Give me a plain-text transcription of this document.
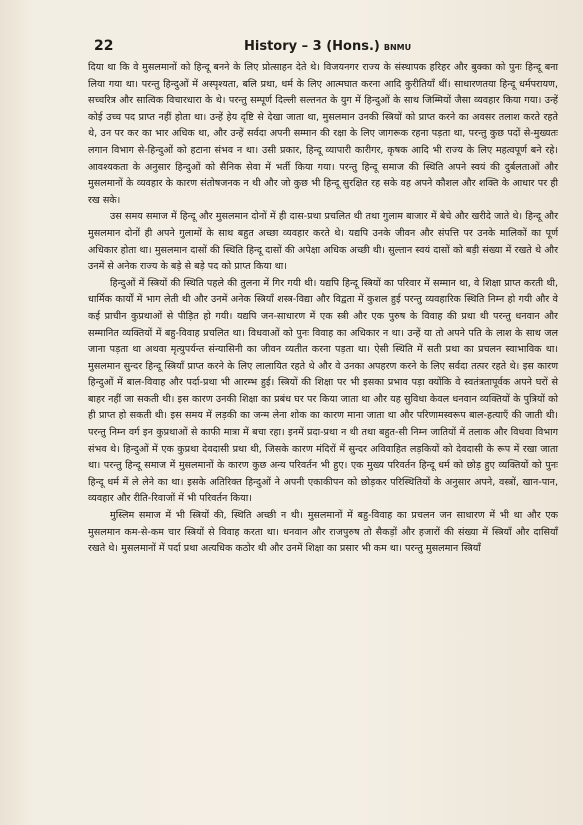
22	History – 3 (Hons.) BNMU

दिया था कि वे मुसलमानों को हिन्दू बनने के लिए प्रोत्साहन देते थे। विजयनगर राज्य के संस्थापक हरिहर और बुक्का को पुनः हिन्दू बना लिया गया था। परन्तु हिन्दुओं में अस्पृश्यता, बलि प्रथा, धर्म के लिए आत्मघात करना आदि कुरीतियाँ थीं। साधारणतया हिन्दू धर्मपरायण, सच्चरित्र और सात्विक विचारधारा के थे। परन्तु सम्पूर्ण दिल्ली सल्तनत के युग में हिन्दुओं के साथ जिम्मियों जैसा व्यवहार किया गया। उन्हें कोई उच्च पद प्राप्त नहीं होता था। उन्हें हेय दृष्टि से देखा जाता था, मुसलमान उनकी स्त्रियों को प्राप्त करने का अवसर तलाश करते रहते थे, उन पर कर का भार अधिक था, और उन्हें सर्वदा अपनी सम्मान की रक्षा के लिए जागरूक रहना पड़ता था, परन्तु कुछ पदों से-मुख्यतः लगान विभाग से-हिन्दुओं को हटाना संभव न था। उसी प्रकार, हिन्दू व्यापारी कारीगर, कृषक आदि भी राज्य के लिए महत्वपूर्ण बने रहे। आवश्यकता के अनुसार हिन्दुओं को सैनिक सेवा में भर्ती किया गया। परन्तु हिन्दू समाज की स्थिति अपने स्वयं की दुर्बलताओं और मुसलमानों के व्यवहार के कारण संतोषजनक न थी और जो कुछ भी हिन्दू सुरक्षित रह सके वह अपने कौशल और शक्ति के आधार पर ही रख सके।

उस समय समाज में हिन्दू और मुसलमान दोनों में ही दास-प्रथा प्रचलित थी तथा गुलाम बाजार में बेचे और खरीदे जाते थे। हिन्दू और मुसलमान दोनों ही अपने गुलामों के साथ बहुत अच्छा व्यवहार करते थे। यद्यपि उनके जीवन और संपत्ति पर उनके मालिकों का पूर्ण अधिकार होता था। मुसलमान दासों की स्थिति हिन्दू दासों की अपेक्षा अधिक अच्छी थी। सुल्तान स्वयं दासों को बड़ी संख्या में रखते थे और उनमें से अनेक राज्य के बड़े से बड़े पद को प्राप्त किया था।

हिन्दुओं में स्त्रियों की स्थिति पहले की तुलना में गिर गयी थी। यद्यपि हिन्दू स्त्रियों का परिवार में सम्मान था, वे शिक्षा प्राप्त करती थी, धार्मिक कार्यों में भाग लेती थी और उनमें अनेक स्त्रियाँ शस्त्र-विद्या और विद्वता में कुशल हुई परन्तु व्यवहारिक स्थिति निम्न हो गयी और वे कई प्राचीन कुप्रथाओं से पीड़ित हो गयी। यद्यपि जन-साधारण में एक स्त्री और एक पुरुष के विवाह की प्रथा थी परन्तु धनवान और सम्मानित व्यक्तियों में बहु-विवाह प्रचलित था। विधवाओं को पुनः विवाह का अधिकार न था। उन्हें या तो अपने पति के लाश के साथ जल जाना पड़ता था अथवा मृत्युपर्यन्त संन्यासिनी का जीवन व्यतीत करना पड़ता था। ऐसी स्थिति में सती प्रथा का प्रचलन स्वाभाविक था। मुसलमान सुन्दर हिन्दू स्त्रियाँ प्राप्त करने के लिए लालायित रहते थे और वे उनका अपहरण करने के लिए सर्वदा तत्पर रहते थे। इस कारण हिन्दुओं में बाल-विवाह और पर्दा-प्रथा भी आरम्भ हुई। स्त्रियों की शिक्षा पर भी इसका प्रभाव पड़ा क्योंकि वे स्वतंत्रतापूर्वक अपने घरों से बाहर नहीं जा सकती थी। इस कारण उनकी शिक्षा का प्रबंध घर पर किया जाता था और यह सुविधा केवल धनवान व्यक्तियों के पुत्रियों को ही प्राप्त हो सकती थी। इस समय में लड़की का जन्म लेना शोक का कारण माना जाता था और परिणामस्वरूप बाल-हत्याएँ की जाती थी। परन्तु निम्न वर्ग इन कुप्रथाओं से काफी मात्रा में बचा रहा। इनमें प्रदा-प्रथा न थी तथा बहुत-सी निम्न जातियों में तलाक और विधवा विभाग संभव थे। हिन्दुओं में एक कुप्रथा देवदासी प्रथा थी, जिसके कारण मंदिरों में सुन्दर अविवाहित लड़कियों को देवदासी के रूप में रखा जाता था। परन्तु हिन्दू समाज में मुसलमानों के कारण कुछ अन्य परिवर्तन भी हुए। एक मुख्य परिवर्तन हिन्दू धर्म को छोड़ हुए व्यक्तियों को पुनः हिन्दू धर्म में ले लेने का था। इसके अतिरिक्त हिन्दुओं ने अपनी एकाकीपन को छोड़कर परिस्थितियों के अनुसार अपने, वस्त्रों, खान-पान, व्यवहार और रीति-रिवाजों में भी परिवर्तन किया।

मुस्लिम समाज में भी स्त्रियों की, स्थिति अच्छी न थी। मुसलमानों में बहु-विवाह का प्रचलन जन साधारण में भी था और एक मुसलमान कम-से-कम चार स्त्रियों से विवाह करता था। धनवान और राजपुरुष तो सैकड़ों और हजारों की संख्या में स्त्रियाँ और दासियाँ रखते थे। मुसलमानों में पर्दा प्रथा अत्यधिक कठोर थी और उनमें शिक्षा का प्रसार भी कम था। परन्तु मुसलमान स्त्रियाँ
